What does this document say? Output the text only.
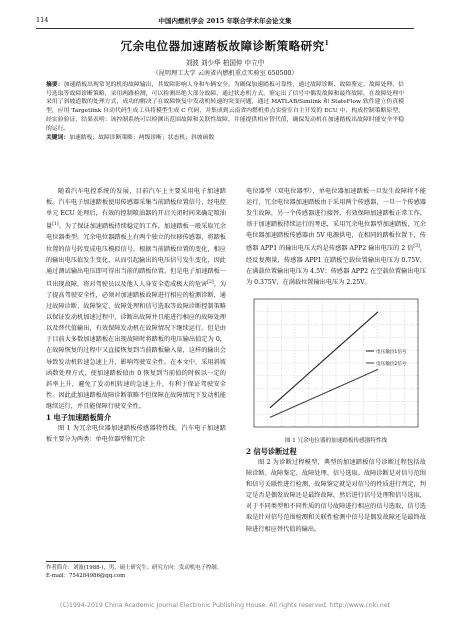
114	中国内燃机学会 2015 年联合学术年会论文集
冗余电位器加速踏板故障诊断策略研究$^1$
刘波 刘少华 柏国仲 申立中
（昆明理工大学 云南省内燃机重点实验室 650500）
摘要：加速踏板出现常见的机的故障输出，其故障影响人身和车辆安全。为确保加速踏板可靠性，通过故障诊断、故障鉴定、故障处理、信号选取等故障诊断策略，采用两路检测，可以检测出绝大部分故障，通过状态机方式，鉴定出了信号中偶发故障和最终故障，在故障处理中采用了斜坡道数的处理方式，成功的解决了在故障恢复中发动机转速的突变问题，通过 MATLAB/Simlink 和 StateFlow 软件建立仿真模型，应用 Targetlink 自动代码生成工具将模型生成 C 代码，并集成到云南省内燃机重点实验室自主开发的 ECU 中，构成控制策略原型，经实验验证，结果表明：该控制系统可以检测出范围故障和关联性故障，并能提供相应替代值，确保发动机在加速踏板出故障时能安全平稳的运行。
关键词：加速踏板；故障诊断策略；两级诊断；状态机；斜坡函数

随着汽车电控系统的发展，目前汽车上主要采用电子加速踏板。汽车电子加速踏板使用传感器采集当前踏板位置信号，经电控单元 ECU 处理后，有效的控制喷油器的开启关闭时间来确定喷油量[1]。为了保证加速踏板持续稳定的工作，加速踏板一般采取冗余电位器类型。冗余电位器踏板上有两个独立的位移传感器，将踏板位置的信号转变成电压模拟信号，根据当前踏板位置的变化，相应的输出电压值发生变化，从而引起输出的电压信号发生变化，因此通过测试输出电压即可得出当前的踏板位置。但是电子加速踏板一旦出现故障，将对驾驶员以及他人人身安全造成极大的危害[2]。为了提高驾驶安全性，必须对加速踏板故障进行相应的检测诊断，通过故障诊断、故障鉴定、故障处理和信号选取等故障诊断控制策略以保证发动机加速过程中，诊断出故障并且能进行相应的故障处理以及替代值输出，有效保障发动机在故障情况下继续运行。但是由于目前大多数加速踏板在出现故障时将踏板的电压输出值定为 0，在故障恢复的过程中又直接恢复到当前踏板输入量，这样的输出会导致发动机转速急速上升，影响驾驶安全性。在本文中，采用斜坡函数处理方式，使加速踏板值由 0 恢复到当前值的时候以一定的斜率上升，避免了发动机转速的急速上升，有利于保证驾驶安全性。因此此加速踏板故障诊断策略不但保障在故障情况下发动机能继续运行，并且能保障行驶安全性。

1 电子加速踏板简介

图 1 为冗余电位器加速踏板传感器特性线，汽车电子加速踏板主要分为两类：单电位器型和冗余

电位器型（双电位器型），单电位器加速踏板一旦发生故障将不能运行，冗余电位器加速踏板由于采用两个传感器，一旦一个传感器发生故障，另一个传感器进行接替，有效保障加速踏板正常工作。基于加速踏板持续运行的考虑，采用冗余电位器型加速踏板，冗余电位器加速踏板传感器由 5V 电源供电，在相同的踏板位置下，传感器 APP1 的输出电压大约是传感器 APP2 输出电压的 2 倍[3]，经反复测量，传感器 APP1 在踏板空载位置输出电压为 0.75V，在满载位置输出电压为 4.5V；传感器 APP2 在空载位置输出电压为 0.375V，在满载位置输出电压为 2.25V。

电压输出1信号
电压输出2信号

图 1 冗余电位器的加速踏板传感器特性线

2 信号诊断过程

图 2 为诊断过程模型，典型的加速踏板信号诊断过程包括故障诊断、故障鉴定、故障处理、信号选取。故障诊断是对信号范围和信号关联性进行检测，故障鉴定就是对信号的性质进行判定，判定是否是偶发故障还是最终故障，然后进行信号处理和信号选取，对于不同类型和不同性质的信号故障进行相应的信号选取，信号选取是针对信号范围检测和关联性检测中信号是偶发故障还是最终故障进行相应替代值的输出。

作者简介：刘波(1988-)，男，硕士研究生；研究方向：发动机电子控制。
E-mail：754284986@qq.com
(C)1994-2019 China Academic Journal Electronic Publishing House. All rights reserved. http://www.cnki.net
